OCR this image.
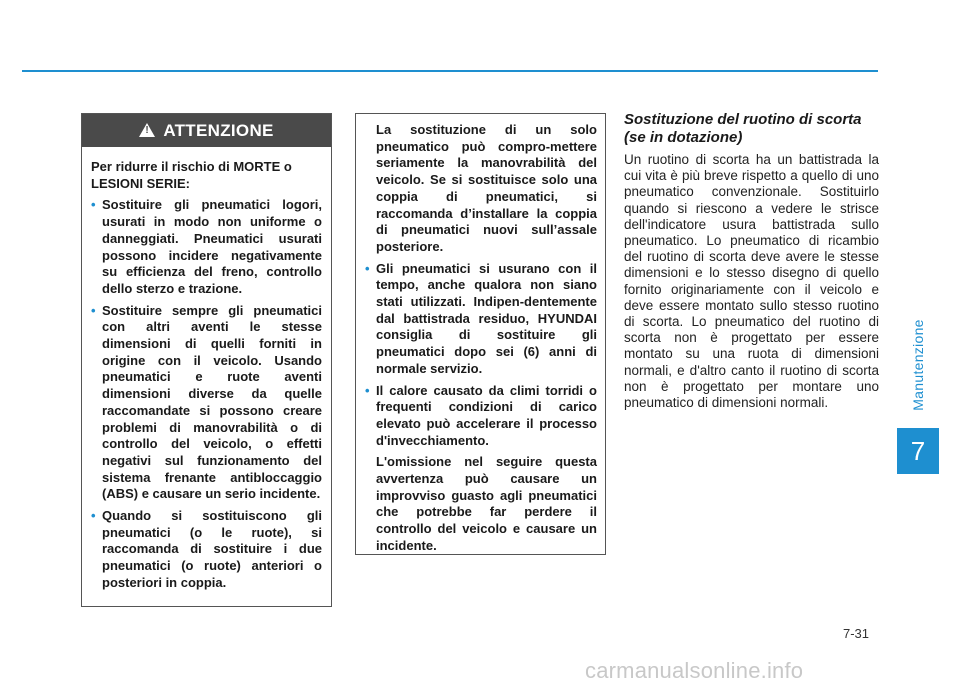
Manutenzione
7
!
ATTENZIONE

Per ridurre il rischio di MORTE o LESIONI SERIE:

• Sostituire gli pneumatici logori, usurati in modo non uniforme o danneggiati. Pneumatici usurati possono incidere negativamente su efficienza del freno, controllo dello sterzo e trazione.
• Sostituire sempre gli pneumatici con altri aventi le stesse dimensioni di quelli forniti in origine con il veicolo. Usando pneumatici e ruote aventi dimensioni diverse da quelle raccomandate si possono creare problemi di manovrabilità o di controllo del veicolo, o effetti negativi sul funzionamento del sistema frenante antibloccaggio (ABS) e causare un serio incidente.
• Quando si sostituiscono gli pneumatici (o le ruote), si raccomanda di sostituire i due pneumatici (o ruote) anteriori o posteriori in coppia.

La sostituzione di un solo pneumatico può compro-mettere seriamente la manovrabilità del veicolo. Se si sostituisce solo una coppia di pneumatici, si raccomanda d’installare la coppia di pneumatici nuovi sull’assale posteriore.

• Gli pneumatici si usurano con il tempo, anche qualora non siano stati utilizzati. Indipen-dentemente dal battistrada residuo, HYUNDAI consiglia di sostituire gli pneumatici dopo sei (6) anni di normale servizio.
• Il calore causato da climi torridi o frequenti condizioni di carico elevato può accelerare il processo d'invecchiamento.

L'omissione nel seguire questa avvertenza può causare un improvviso guasto agli pneumatici che potrebbe far perdere il controllo del veicolo e causare un incidente.

Sostituzione del ruotino di scorta (se in dotazione)

Un ruotino di scorta ha un battistrada la cui vita è più breve rispetto a quello di uno pneumatico convenzionale. Sostituirlo quando si riescono a vedere le strisce dell'indicatore usura battistrada sullo pneumatico. Lo pneumatico di ricambio del ruotino di scorta deve avere le stesse dimensioni e lo stesso disegno di quello fornito originariamente con il veicolo e deve essere montato sullo stesso ruotino di scorta. Lo pneumatico del ruotino di scorta non è progettato per essere montato su una ruota di dimensioni normali, e d'altro canto il ruotino di scorta non è progettato per montare uno pneumatico di dimensioni normali.

7-31
carmanualsonline.info
